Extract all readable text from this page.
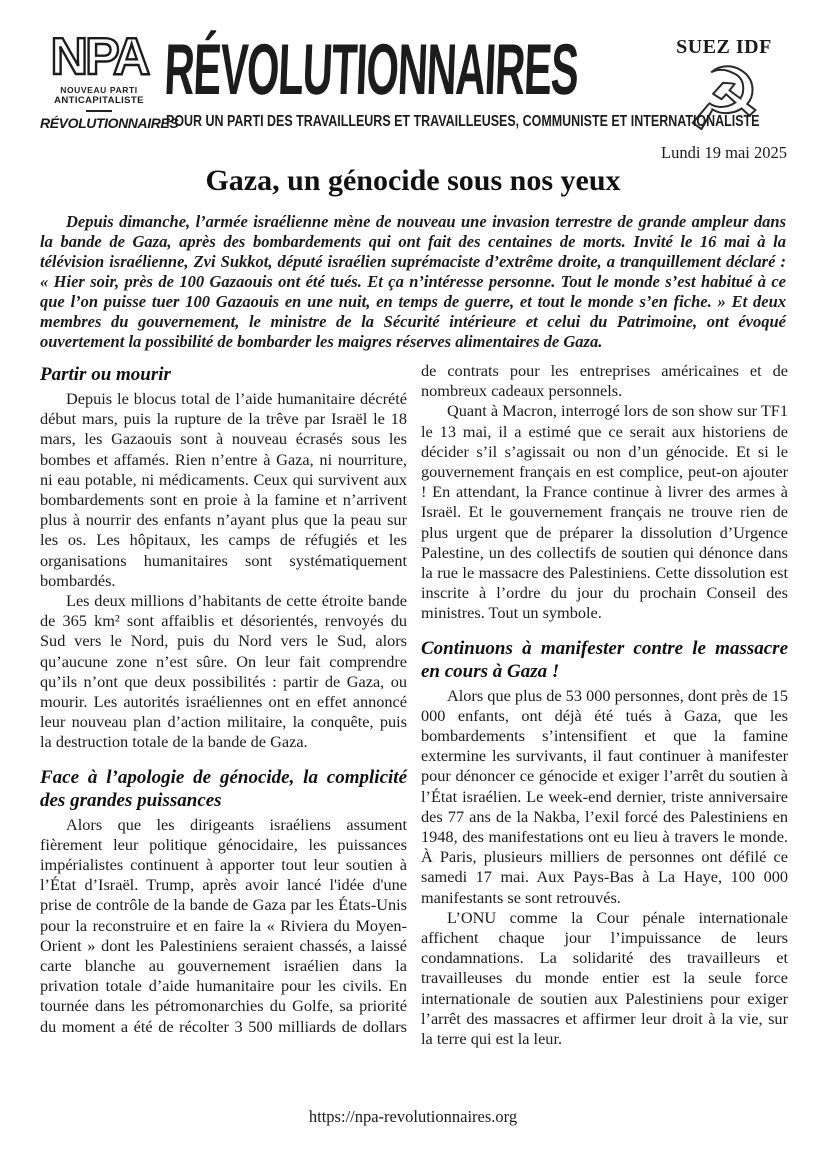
NPA
NOUVEAU PARTI
ANTICAPITALISTE
RÉVOLUTIONNAIRES
RÉVOLUTIONNAIRES
POUR UN PARTI DES TRAVAILLEURS ET TRAVAILLEUSES, COMMUNISTE ET INTERNATIONALISTE
SUEZ IDF
☭
Lundi 19 mai 2025
Gaza, un génocide sous nos yeux

Depuis dimanche, l’armée israélienne mène de nouveau une invasion terrestre de grande ampleur dans la bande de Gaza, après des bombardements qui ont fait des centaines de morts. Invité le 16 mai à la télévision israélienne, Zvi Sukkot, député israélien suprémaciste d’extrême droite, a tranquillement déclaré : « Hier soir, près de 100 Gazaouis ont été tués. Et ça n’intéresse personne. Tout le monde s’est habitué à ce que l’on puisse tuer 100 Gazaouis en une nuit, en temps de guerre, et tout le monde s’en fiche. » Et deux membres du gouvernement, le ministre de la Sécurité intérieure et celui du Patrimoine, ont évoqué ouvertement la possibilité de bombarder les maigres réserves alimentaires de Gaza.

Partir ou mourir

Depuis le blocus total de l’aide humanitaire décrété début mars, puis la rupture de la trêve par Israël le 18 mars, les Gazaouis sont à nouveau écrasés sous les bombes et affamés. Rien n’entre à Gaza, ni nourriture, ni eau potable, ni médicaments. Ceux qui survivent aux bombardements sont en proie à la famine et n’arrivent plus à nourrir des enfants n’ayant plus que la peau sur les os. Les hôpitaux, les camps de réfugiés et les organisations humanitaires sont systématiquement bombardés.

Les deux millions d’habitants de cette étroite bande de 365 km² sont affaiblis et désorientés, renvoyés du Sud vers le Nord, puis du Nord vers le Sud, alors qu’aucune zone n’est sûre. On leur fait comprendre qu’ils n’ont que deux possibilités : partir de Gaza, ou mourir. Les autorités israéliennes ont en effet annoncé leur nouveau plan d’action militaire, la conquête, puis la destruction totale de la bande de Gaza.

Face à l’apologie de génocide, la complicité des grandes puissances

Alors que les dirigeants israéliens assument fièrement leur politique génocidaire, les puissances impérialistes continuent à apporter tout leur soutien à l’État d’Israël. Trump, après avoir lancé l'idée d'une prise de contrôle de la bande de Gaza par les États-Unis pour la reconstruire et en faire la « Riviera du Moyen-Orient » dont les Palestiniens seraient chassés, a laissé carte blanche au gouvernement israélien dans la privation totale d’aide humanitaire pour les civils. En tournée dans les pétromonarchies du Golfe, sa priorité du moment a été de récolter 3 500 milliards de dollars de contrats pour les entreprises américaines et de nombreux cadeaux personnels.

Quant à Macron, interrogé lors de son show sur TF1 le 13 mai, il a estimé que ce serait aux historiens de décider s’il s’agissait ou non d’un génocide. Et si le gouvernement français en est complice, peut-on ajouter ! En attendant, la France continue à livrer des armes à Israël. Et le gouvernement français ne trouve rien de plus urgent que de préparer la dissolution d’Urgence Palestine, un des collectifs de soutien qui dénonce dans la rue le massacre des Palestiniens. Cette dissolution est inscrite à l’ordre du jour du prochain Conseil des ministres. Tout un symbole.

Continuons à manifester contre le massacre en cours à Gaza !

Alors que plus de 53 000 personnes, dont près de 15 000 enfants, ont déjà été tués à Gaza, que les bombardements s’intensifient et que la famine extermine les survivants, il faut continuer à manifester pour dénoncer ce génocide et exiger l’arrêt du soutien à l’État israélien. Le week-end dernier, triste anniversaire des 77 ans de la Nakba, l’exil forcé des Palestiniens en 1948, des manifestations ont eu lieu à travers le monde. À Paris, plusieurs milliers de personnes ont défilé ce samedi 17 mai. Aux Pays-Bas à La Haye, 100 000 manifestants se sont retrouvés.

L’ONU comme la Cour pénale internationale affichent chaque jour l’impuissance de leurs condamnations. La solidarité des travailleurs et travailleuses du monde entier est la seule force internationale de soutien aux Palestiniens pour exiger l’arrêt des massacres et affirmer leur droit à la vie, sur la terre qui est la leur.

https://npa-revolutionnaires.org
